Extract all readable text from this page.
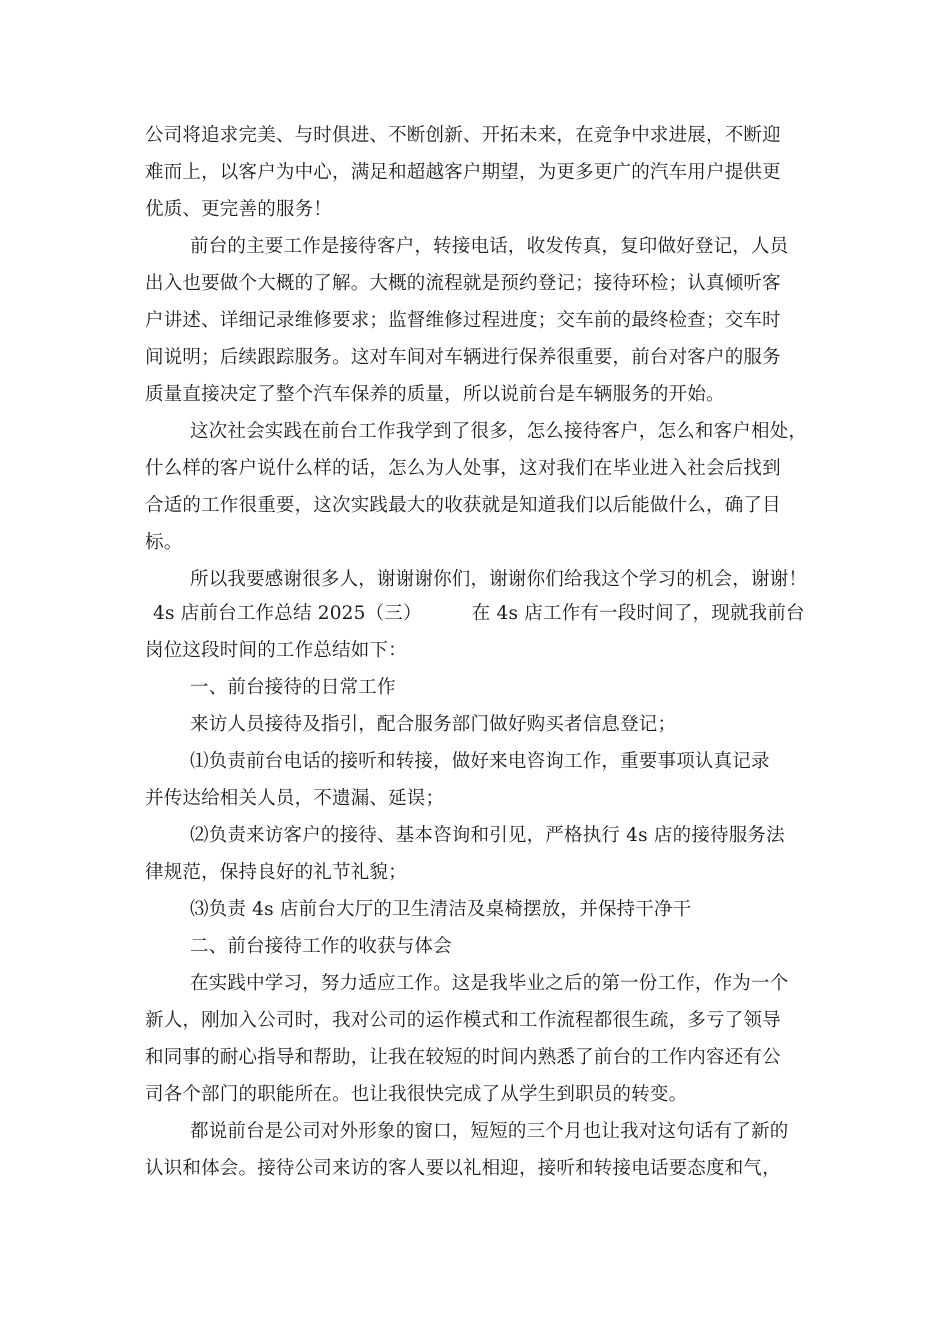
公司将追求完美、与时俱进、不断创新、开拓未来，在竞争中求进展，不断迎
难而上，以客户为中心，满足和超越客户期望，为更多更广的汽车用户提供更
优质、更完善的服务！
前台的主要工作是接待客户，转接电话，收发传真，复印做好登记，人员
出入也要做个大概的了解。大概的流程就是预约登记；接待环检；认真倾听客
户讲述、详细记录维修要求；监督维修过程进度；交车前的最终检查；交车时
间说明；后续跟踪服务。这对车间对车辆进行保养很重要，前台对客户的服务
质量直接决定了整个汽车保养的质量，所以说前台是车辆服务的开始。
这次社会实践在前台工作我学到了很多，怎么接待客户，怎么和客户相处，
什么样的客户说什么样的话，怎么为人处事，这对我们在毕业进入社会后找到
合适的工作很重要，这次实践最大的收获就是知道我们以后能做什么，确了目
标。
所以我要感谢很多人，谢谢谢你们，谢谢你们给我这个学习的机会，谢谢！
4s 店前台工作总结 2025（三）	在 4s 店工作有一段时间了，现就我前台
岗位这段时间的工作总结如下：
一、前台接待的日常工作
来访人员接待及指引，配合服务部门做好购买者信息登记；
⑴负责前台电话的接听和转接，做好来电咨询工作，重要事项认真记录
并传达给相关人员，不遗漏、延误；
⑵负责来访客户的接待、基本咨询和引见，严格执行 4s 店的接待服务法
律规范，保持良好的礼节礼貌；
⑶负责 4s 店前台大厅的卫生清洁及桌椅摆放，并保持干净干
二、前台接待工作的收获与体会
在实践中学习，努力适应工作。这是我毕业之后的第一份工作，作为一个
新人，刚加入公司时，我对公司的运作模式和工作流程都很生疏，多亏了领导
和同事的耐心指导和帮助，让我在较短的时间内熟悉了前台的工作内容还有公
司各个部门的职能所在。也让我很快完成了从学生到职员的转变。
都说前台是公司对外形象的窗口，短短的三个月也让我对这句话有了新的
认识和体会。接待公司来访的客人要以礼相迎，接听和转接电话要态度和气，
